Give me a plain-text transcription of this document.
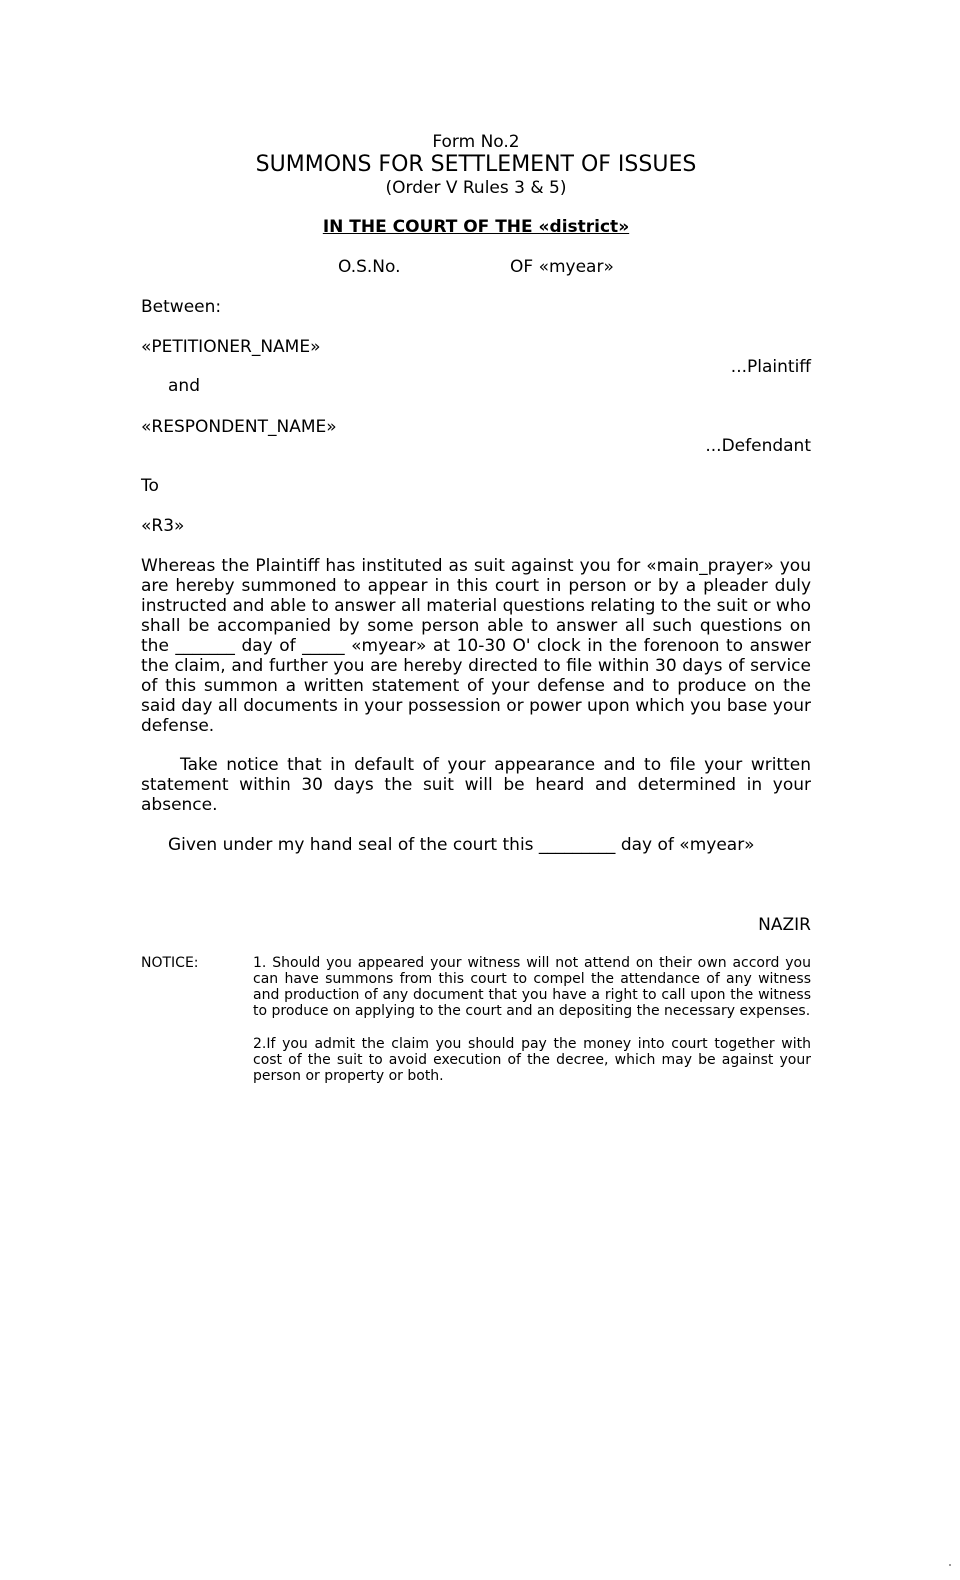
Form No.2
SUMMONS FOR SETTLEMENT OF ISSUES
(Order V Rules 3 & 5)
IN THE COURT OF THE «district»
O.S.No.	OF «myear»
Between:
«PETITIONER_NAME»
...Plaintiff
and
«RESPONDENT_NAME»
...Defendant
To
«R3»
Whereas the Plaintiff has instituted as suit against you for «main_prayer» you are hereby summoned to appear in this court in person or by a pleader duly instructed and able to answer all material questions relating to the suit or who shall be accompanied by some person able to answer all such questions on the _______ day of _____ «myear» at 10-30 O' clock in the forenoon to answer the claim, and further you are hereby directed to file within 30 days of service of this summon a written statement of your defense and to produce on the said day all documents in your possession or power upon which you base your defense.
Take notice that in default of your appearance and to file your written statement within 30 days the suit will be heard and determined in your absence.
Given under my hand seal of the court this _________ day of «myear»
NAZIR
NOTICE:	1. Should you appeared your witness will not attend on their own accord you can have summons from this court to compel the attendance of any witness and production of any document that you have a right to call upon the witness to produce on applying to the court and an depositing the necessary expenses.
2.If you admit the claim you should pay the money into court together with cost of the suit to avoid execution of the decree, which may be against your person or property or both.
